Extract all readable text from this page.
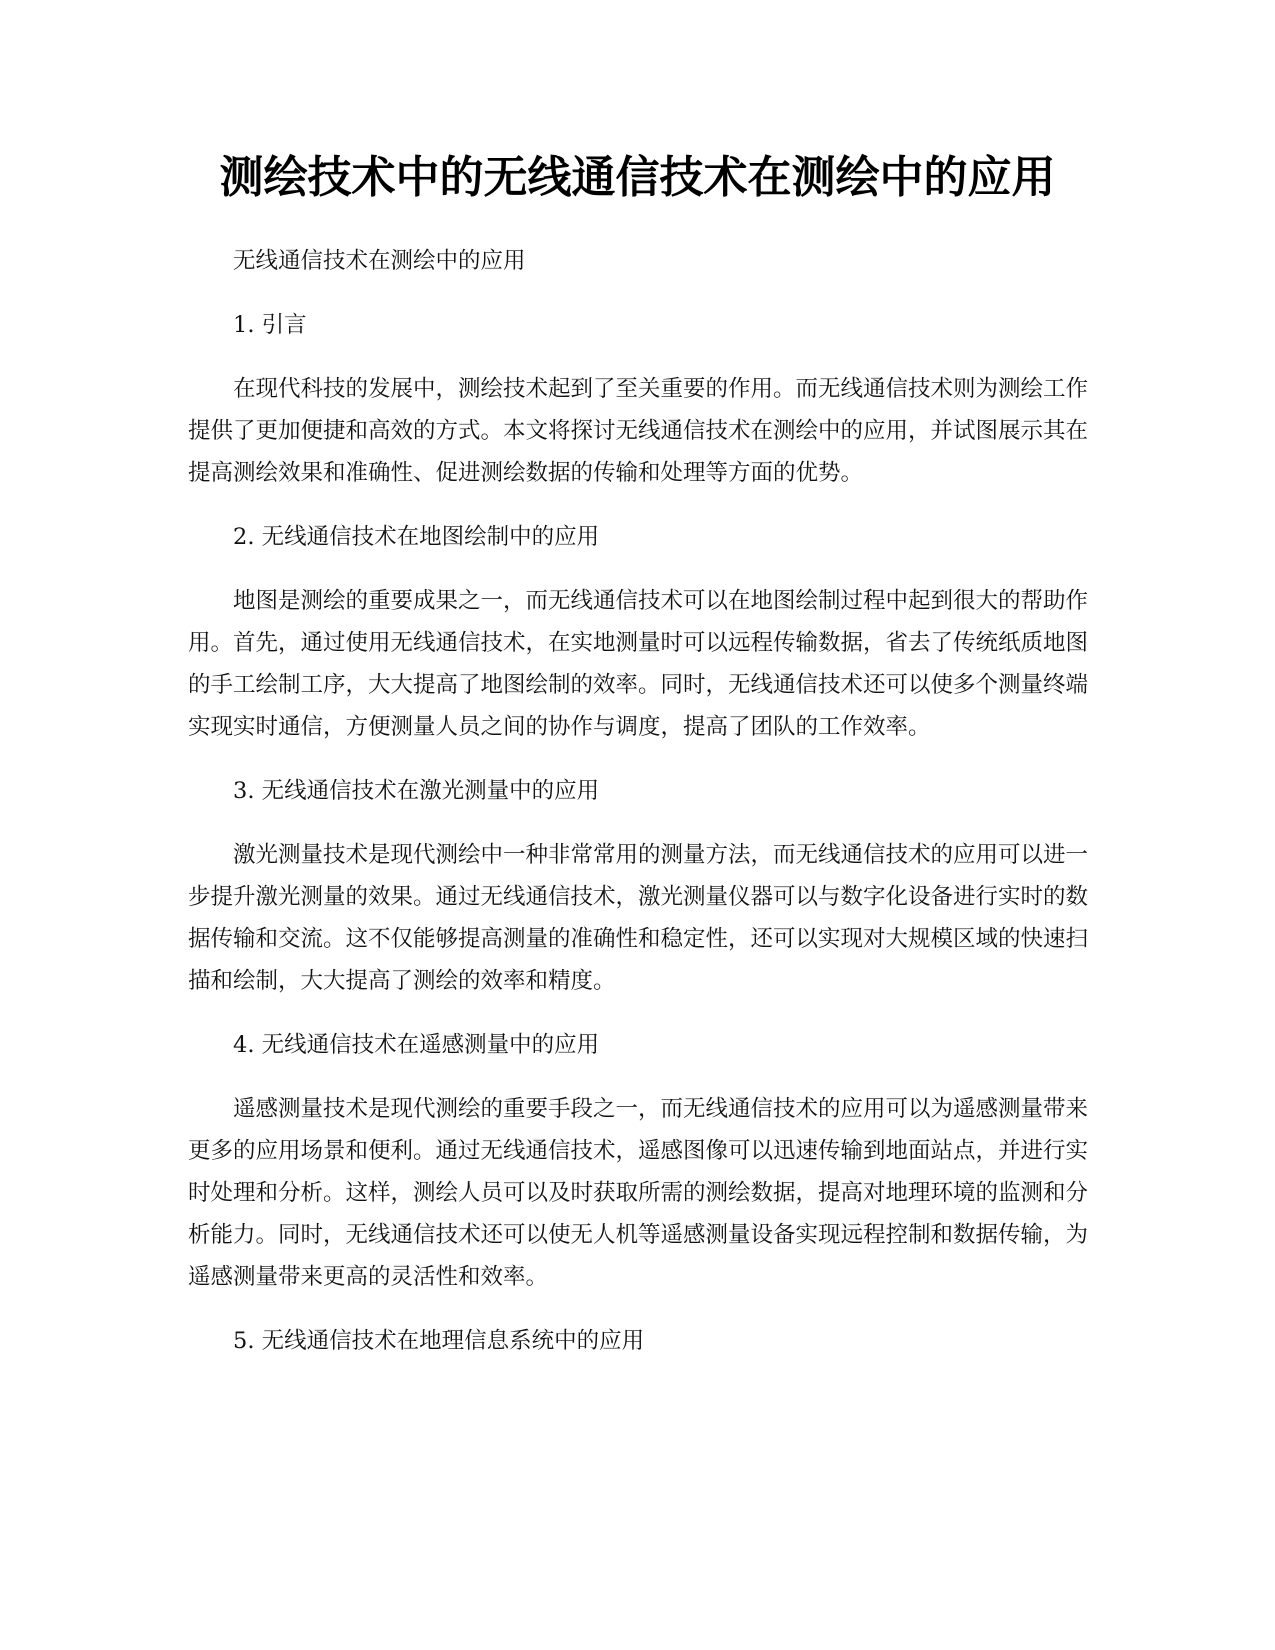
测绘技术中的无线通信技术在测绘中的应用

无线通信技术在测绘中的应用

1. 引言

在现代科技的发展中，测绘技术起到了至关重要的作用。而无线通信技术则为测绘工作提供了更加便捷和高效的方式。本文将探讨无线通信技术在测绘中的应用，并试图展示其在提高测绘效果和准确性、促进测绘数据的传输和处理等方面的优势。

2. 无线通信技术在地图绘制中的应用

地图是测绘的重要成果之一，而无线通信技术可以在地图绘制过程中起到很大的帮助作用。首先，通过使用无线通信技术，在实地测量时可以远程传输数据，省去了传统纸质地图的手工绘制工序，大大提高了地图绘制的效率。同时，无线通信技术还可以使多个测量终端实现实时通信，方便测量人员之间的协作与调度，提高了团队的工作效率。

3. 无线通信技术在激光测量中的应用

激光测量技术是现代测绘中一种非常常用的测量方法，而无线通信技术的应用可以进一步提升激光测量的效果。通过无线通信技术，激光测量仪器可以与数字化设备进行实时的数据传输和交流。这不仅能够提高测量的准确性和稳定性，还可以实现对大规模区域的快速扫描和绘制，大大提高了测绘的效率和精度。

4. 无线通信技术在遥感测量中的应用

遥感测量技术是现代测绘的重要手段之一，而无线通信技术的应用可以为遥感测量带来更多的应用场景和便利。通过无线通信技术，遥感图像可以迅速传输到地面站点，并进行实时处理和分析。这样，测绘人员可以及时获取所需的测绘数据，提高对地理环境的监测和分析能力。同时，无线通信技术还可以使无人机等遥感测量设备实现远程控制和数据传输，为遥感测量带来更高的灵活性和效率。

5. 无线通信技术在地理信息系统中的应用
